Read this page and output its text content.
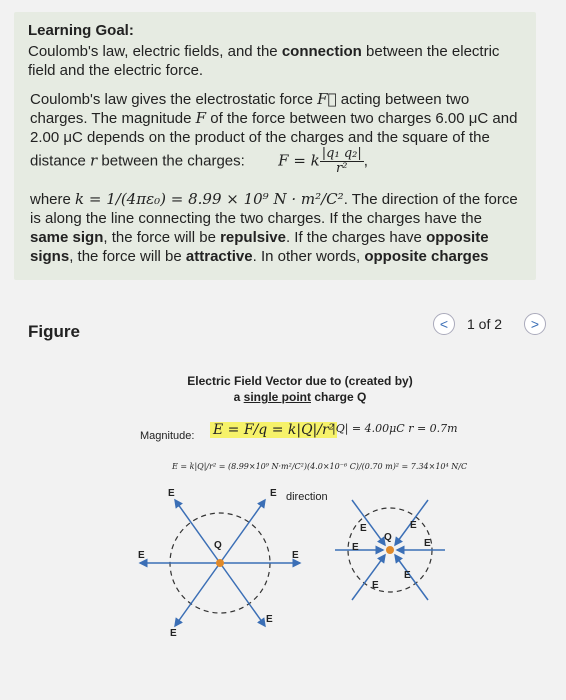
Learning Goal:
Coulomb's law, electric fields, and the connection between the electric field and the electric force.

Coulomb's law gives the electrostatic force F⃗ acting between two charges. The magnitude F of the force between two charges 6.00 μC and 2.00 μC depends on the product of the charges and the square of the distance r between the charges: F = k $\frac{\text{|q₁ q₂|}}{\text{r²}}$ ,

where k = 1/(4πε₀) = 8.99 × 10⁹ N · m²/C². The direction of the force is along the line connecting the two charges. If the charges have the same sign, the force will be repulsive. If the charges have opposite signs, the force will be attractive. In other words, opposite charges

Figure	< 1 of 2 >
Electric Field Vector due to (created by)
a single point charge Q
Magnitude: E = F/q = k|Q|/r²
|Q| = 4.00μC r = 0.7m
E = k|Q|/r² = (8.99×10⁹ N·m²/C²)(4.0×10⁻⁶ C)/(0.70 m)² = 7.34×10⁴ N/C
direction
E	E
E	E
E
E
Q
E	E
E	E
E
E
Q
